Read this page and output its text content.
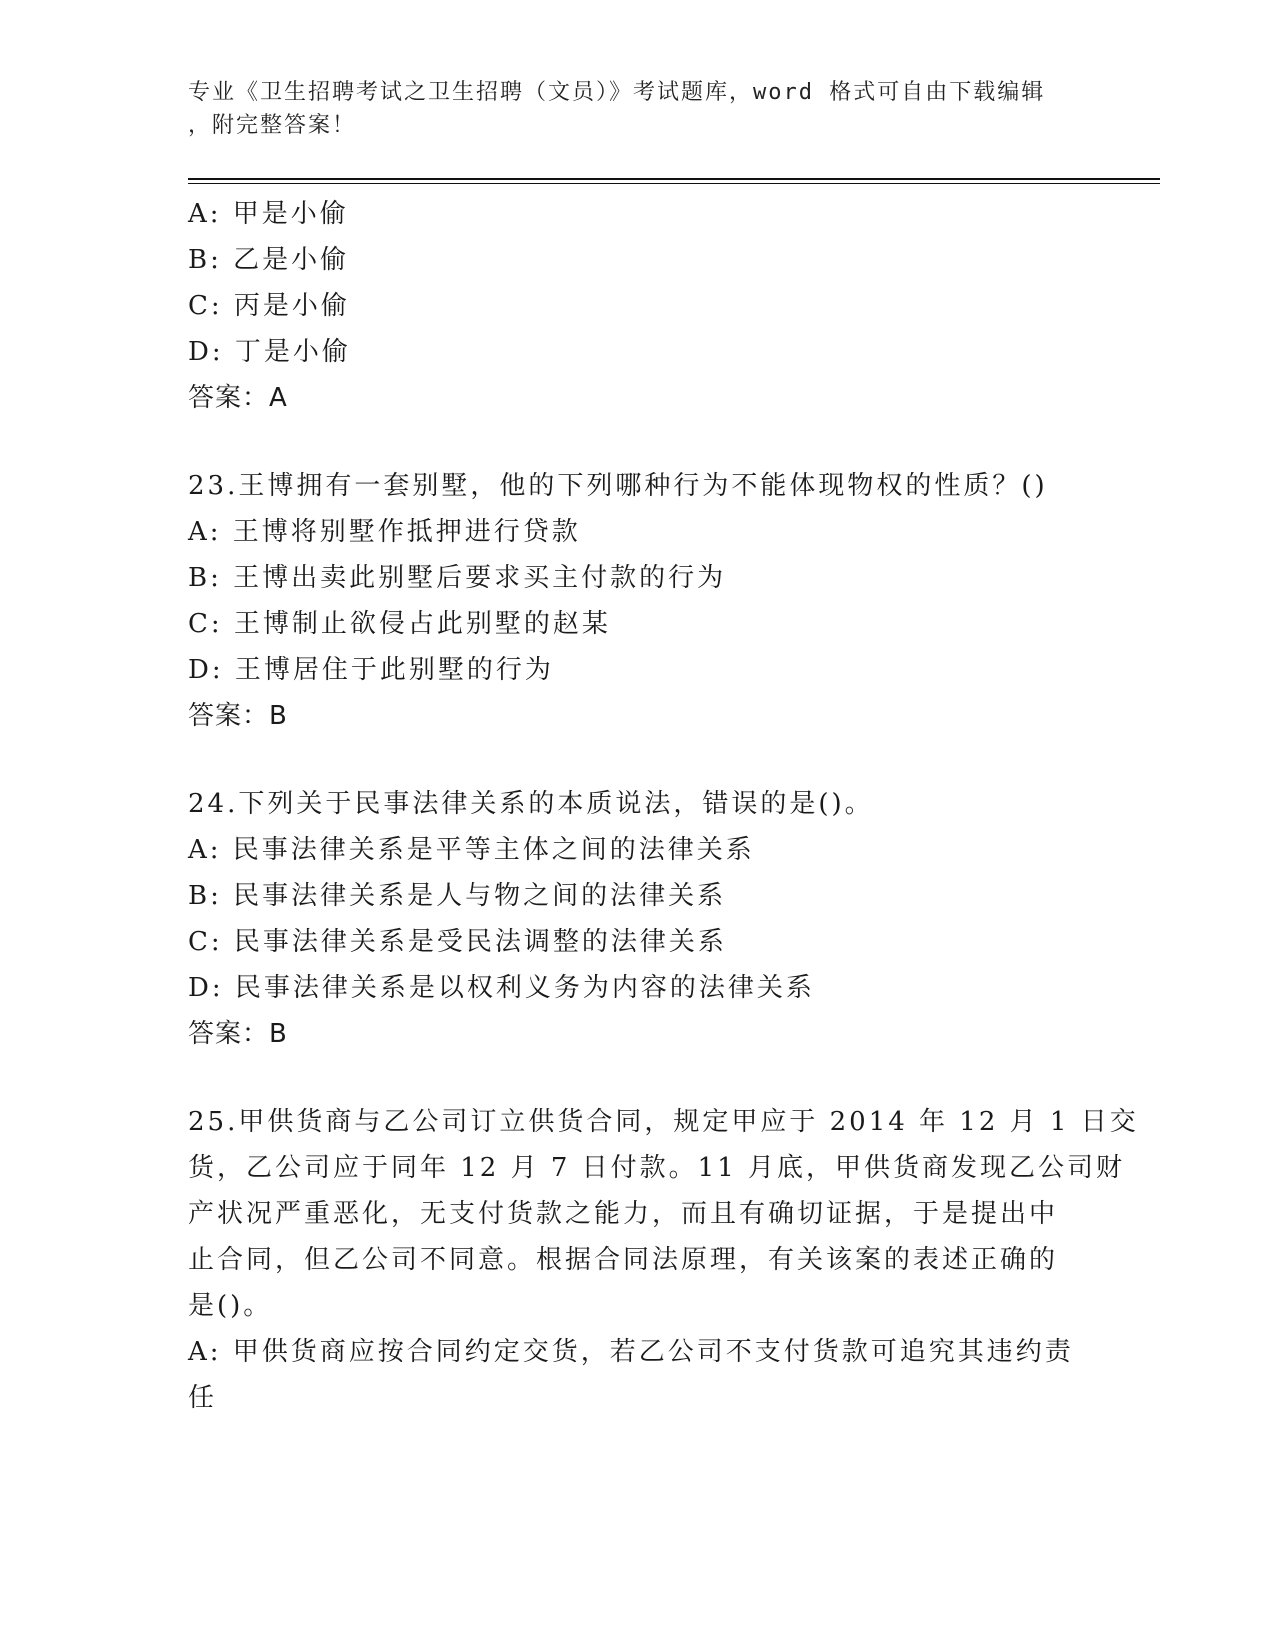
专业《卫生招聘考试之卫生招聘（文员）》考试题库，word 格式可自由下载编辑
，附完整答案！
A: 甲是小偷
B: 乙是小偷
C: 丙是小偷
D: 丁是小偷
答案：A
23.王博拥有一套别墅，他的下列哪种行为不能体现物权的性质？()
A: 王博将别墅作抵押进行贷款
B: 王博出卖此别墅后要求买主付款的行为
C: 王博制止欲侵占此别墅的赵某
D: 王博居住于此别墅的行为
答案：B
24.下列关于民事法律关系的本质说法，错误的是()。
A: 民事法律关系是平等主体之间的法律关系
B: 民事法律关系是人与物之间的法律关系
C: 民事法律关系是受民法调整的法律关系
D: 民事法律关系是以权利义务为内容的法律关系
答案：B
25.甲供货商与乙公司订立供货合同，规定甲应于 2014 年 12 月 1 日交
货，乙公司应于同年 12 月 7 日付款。11 月底，甲供货商发现乙公司财
产状况严重恶化，无支付货款之能力，而且有确切证据，于是提出中
止合同，但乙公司不同意。根据合同法原理，有关该案的表述正确的
是()。
A: 甲供货商应按合同约定交货，若乙公司不支付货款可追究其违约责
任
